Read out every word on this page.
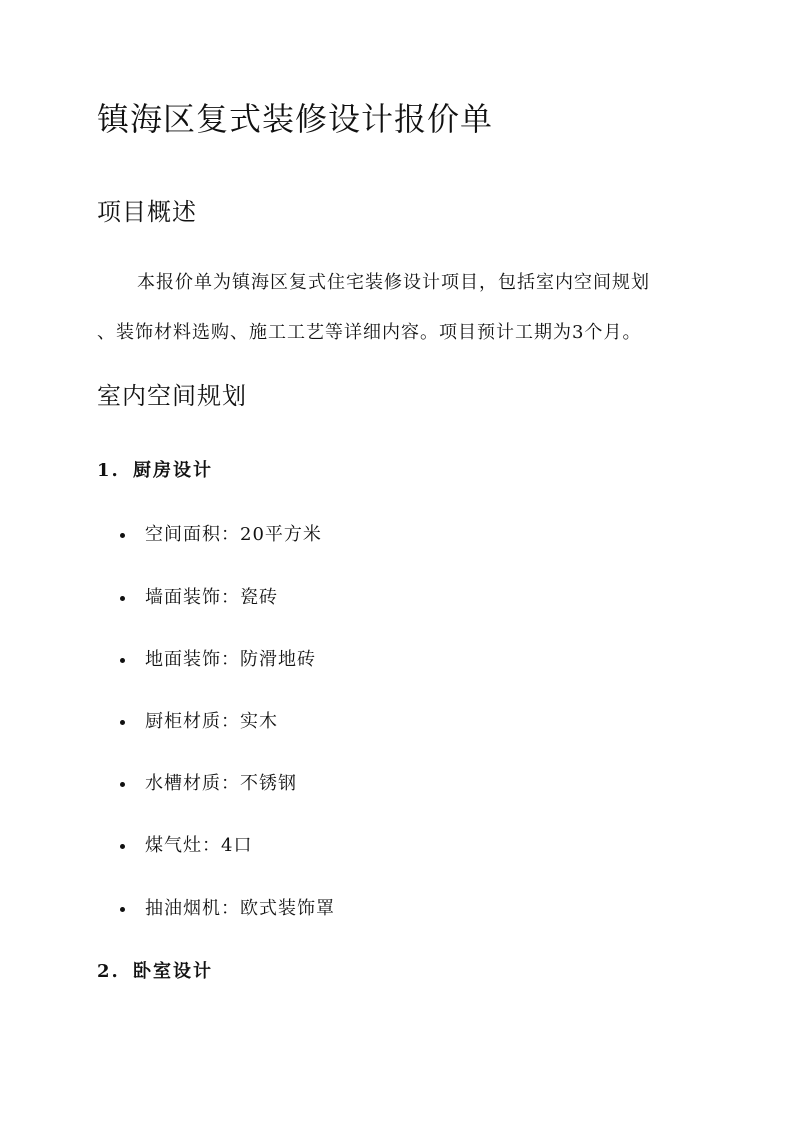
镇海区复式装修设计报价单
项目概述

本报价单为镇海区复式住宅装修设计项目，包括室内空间规划

、装饰材料选购、施工工艺等详细内容。项目预计工期为3个月。

室内空间规划
1. 厨房设计
空间面积：20平方米
墙面装饰：瓷砖
地面装饰：防滑地砖
厨柜材质：实木
水槽材质：不锈钢
煤气灶：4口
抽油烟机：欧式装饰罩
2. 卧室设计
